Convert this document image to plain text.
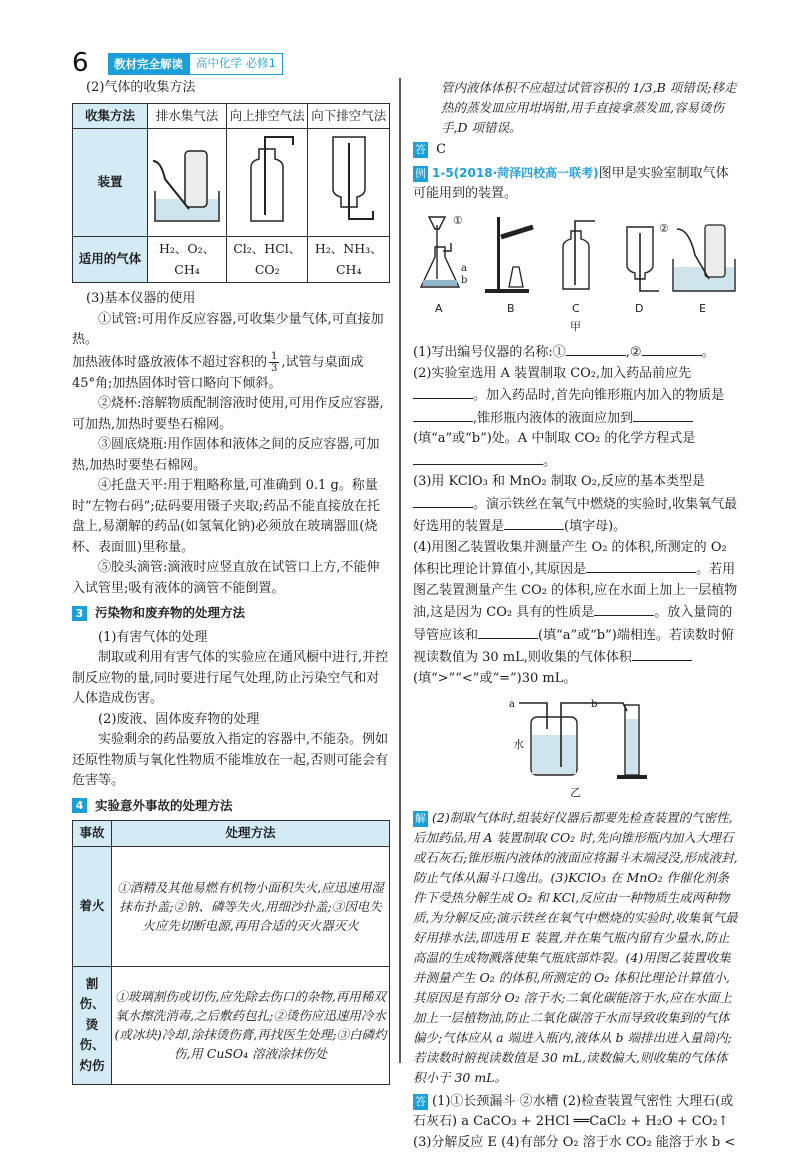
6	教材完全解读	高中化学 必修1

(2)气体的收集方法

收集方法	排水集气法	向上排空气法	向下排空气法
装置			
适用的气体	H₂、O₂、CH₄	Cl₂、HCl、CO₂	H₂、NH₃、CH₄

(3)基本仪器的使用

①试管:可用作反应容器,可收集少量气体,可直接加热。

加热液体时盛放液体不超过容积的 $\frac{1}{3}$ ,试管与桌面成 45°角;加热固体时管口略向下倾斜。

②烧杯:溶解物质配制溶液时使用,可用作反应容器,可加热,加热时要垫石棉网。

③圆底烧瓶:用作固体和液体之间的反应容器,可加热,加热时要垫石棉网。

④托盘天平:用于粗略称量,可准确到 0.1 g。称量时“左物右码”;砝码要用镊子夹取;药品不能直接放在托盘上,易潮解的药品(如氢氧化钠)必须放在玻璃器皿(烧杯、表面皿)里称量。

⑤胶头滴管:滴液时应竖直放在试管口上方,不能伸入试管里;吸有液体的滴管不能倒置。

3 污染物和废弃物的处理方法

(1)有害气体的处理

制取或利用有害气体的实验应在通风橱中进行,并控制反应物的量,同时要进行尾气处理,防止污染空气和对人体造成伤害。

(2)废液、固体废弃物的处理

实验剩余的药品要放入指定的容器中,不能杂。例如还原性物质与氧化性物质不能堆放在一起,否则可能会有危害等。

4 实验意外事故的处理方法
事故	处理方法
着火	①酒精及其他易燃有机物小面积失火,应迅速用湿抹布扑盖;②钠、磷等失火,用细沙扑盖;③因电失火应先切断电源,再用合适的灭火器灭火
割伤、烫伤、灼伤	①玻璃割伤或切伤,应先除去伤口的杂物,再用稀双氧水擦洗消毒,之后敷药包扎;②烫伤应迅速用冷水(或冰块)冷却,涂抹烫伤膏,再找医生处理;③白磷灼伤,用 CuSO₄ 溶液涂抹伤处

管内液体体积不应超过试管容积的 1/3,B 项错误;移走热的蒸发皿应用坩埚钳,用手直接拿蒸发皿,容易烫伤手,D 项错误。

答 C

例 1-5(2018·菏泽四校高一联考)图甲是实验室制取气体可能用到的装置。

①
②
a
b
A	B	C	D	E

甲

(1)写出编号仪器的名称:①	,②	。

(2)实验室选用 A 装置制取 CO₂,加入药品前应先。加入药品时,首先向锥形瓶内加入的物质是,锥形瓶内液体的液面应加到(填“a”或“b”)处。A 中制取 CO₂ 的化学方程式是。

(3)用 KClO₃ 和 MnO₂ 制取 O₂,反应的基本类型是。演示铁丝在氧气中燃烧的实验时,收集氧气最好选用的装置是	(填字母)。

(4)用图乙装置收集并测量产生 O₂ 的体积,所测定的 O₂ 体积比理论计算值小,其原因是	。若用图乙装置测量产生 CO₂ 的体积,应在水面上加上一层植物油,这是因为 CO₂ 具有的性质是	。放入量筒的导管应该和	(填“a”或“b”)端相连。若读数时俯视读数值为 30 mL,则收集的气体体积(填“>”“<”或“=”)30 mL。

a	b
水

乙

解 (2)制取气体时,组装好仪器后都要先检查装置的气密性,后加药品,用 A 装置制取 CO₂ 时,先向锥形瓶内加入大理石或石灰石;锥形瓶内液体的液面应将漏斗末端浸没,形成液封,防止气体从漏斗口逸出。(3)KClO₃ 在 MnO₂ 作催化剂条件下受热分解生成 O₂ 和 KCl,反应由一种物质生成两种物质,为分解反应;演示铁丝在氧气中燃烧的实验时,收集氧气最好用排水法,即选用 E 装置,并在集气瓶内留有少量水,防止高温的生成物溅落使集气瓶底部炸裂。(4)用图乙装置收集并测量产生 O₂ 的体积,所测定的 O₂ 体积比理论计算值小,其原因是有部分 O₂ 溶于水;二氧化碳能溶于水,应在水面上加上一层植物油,防止二氧化碳溶于水而导致收集到的气体偏少;气体应从 a 端进入瓶内,液体从 b 端排出进入量筒内;若读数时俯视读数值是 30 mL,读数偏大,则收集的气体体积小于 30 mL。

答 (1)①长颈漏斗 ②水槽 (2)检查装置气密性 大理石(或石灰石) a CaCO₃ + 2HCl ══CaCl₂ + H₂O + CO₂↑ (3)分解反应 E (4)有部分 O₂ 溶于水 CO₂ 能溶于水 b <
